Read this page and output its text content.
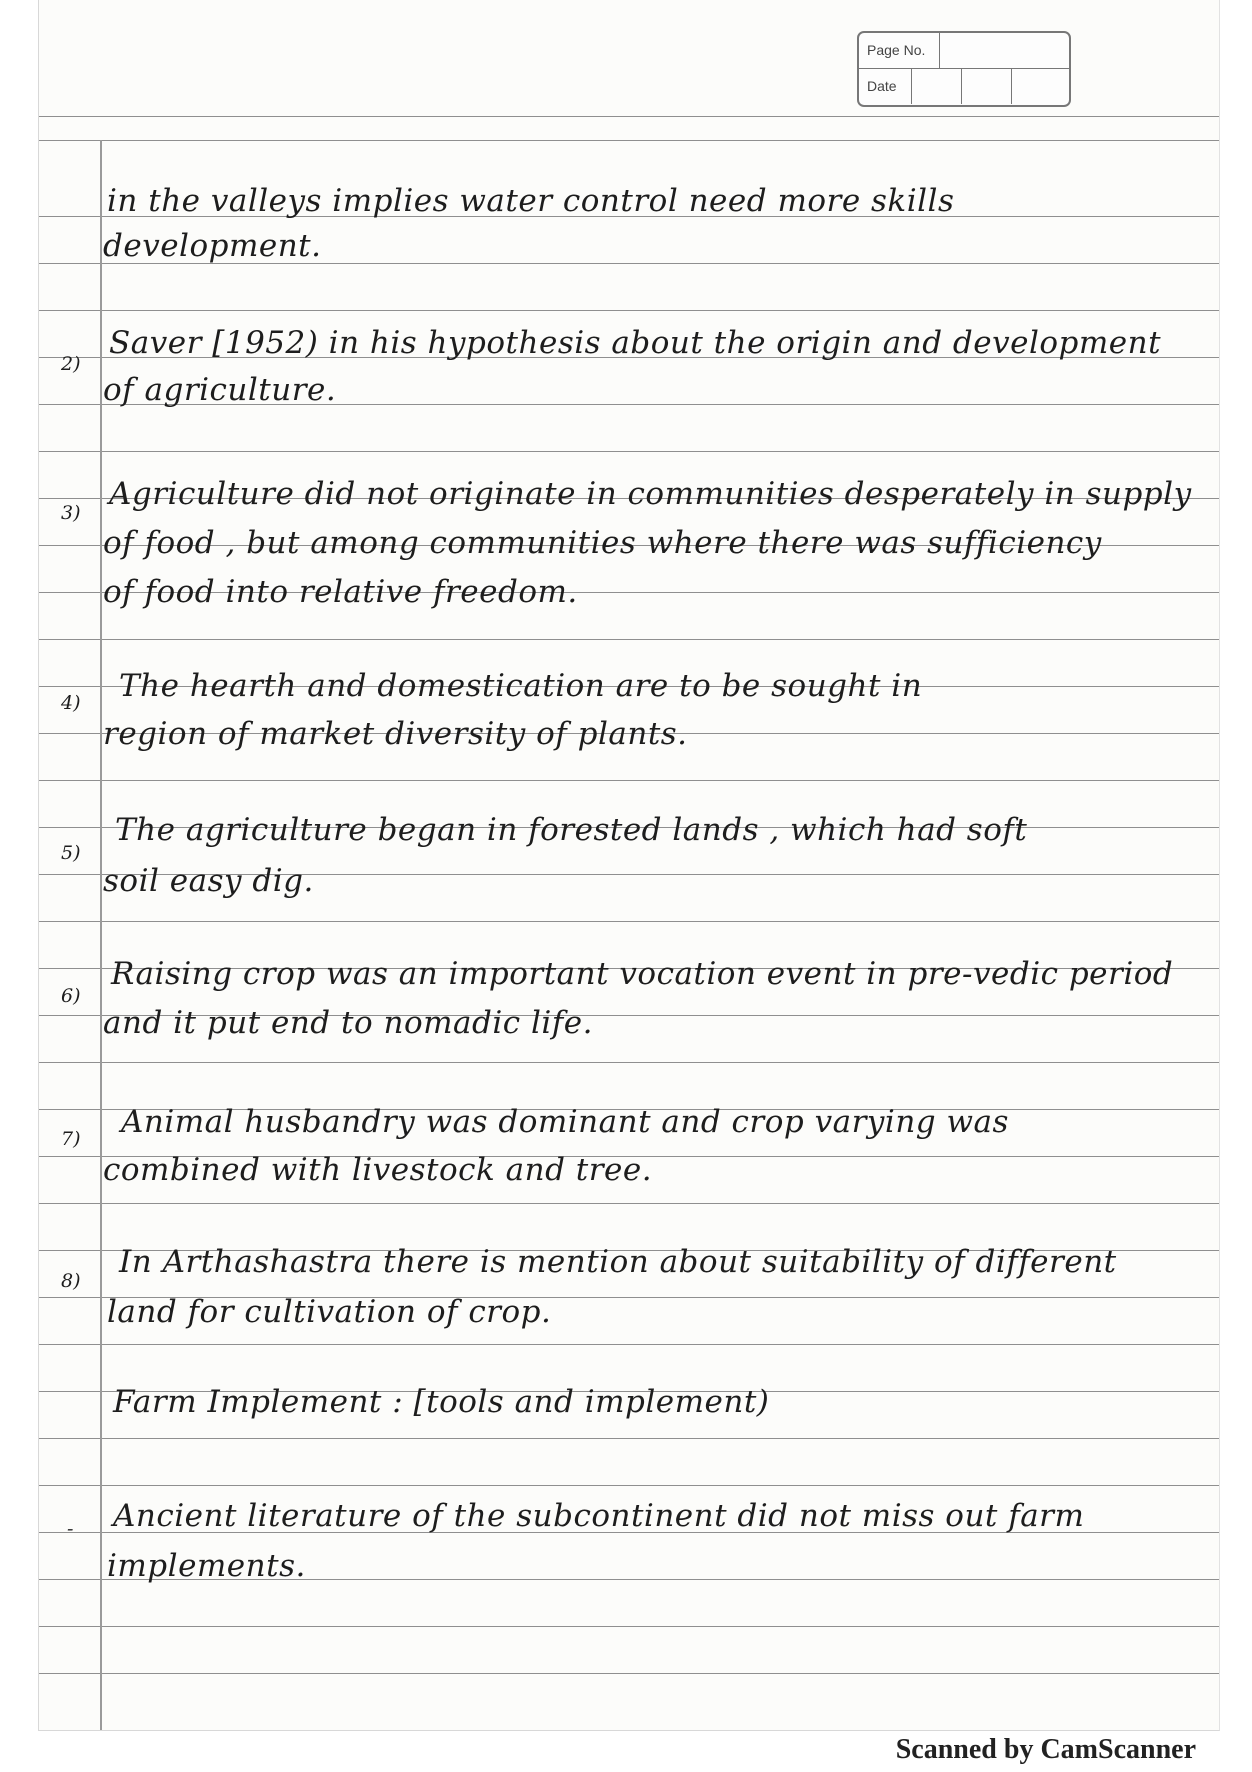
Page No.
Date
in the valleys implies water control need more skills
development.
2)
Saver [1952) in his hypothesis about the origin and development
of agriculture.
3)
Agriculture did not originate in communities desperately in supply
of food , but among communities where there was sufficiency
of food into relative freedom.
4) The hearth and domestication are to be sought in
region of market diversity of plants.
5)
The agriculture began in forested lands , which had soft
soil easy dig.
6)
Raising crop was an important vocation event in pre-vedic period
and it put end to nomadic life.
7) Animal husbandry was dominant and crop varying was
combined with livestock and tree.
8)
In Arthashastra there is mention about suitability of different
land for cultivation of crop.
Farm Implement : [tools and implement)
- Ancient literature of the subcontinent did not miss out farm
implements.
Scanned by CamScanner
